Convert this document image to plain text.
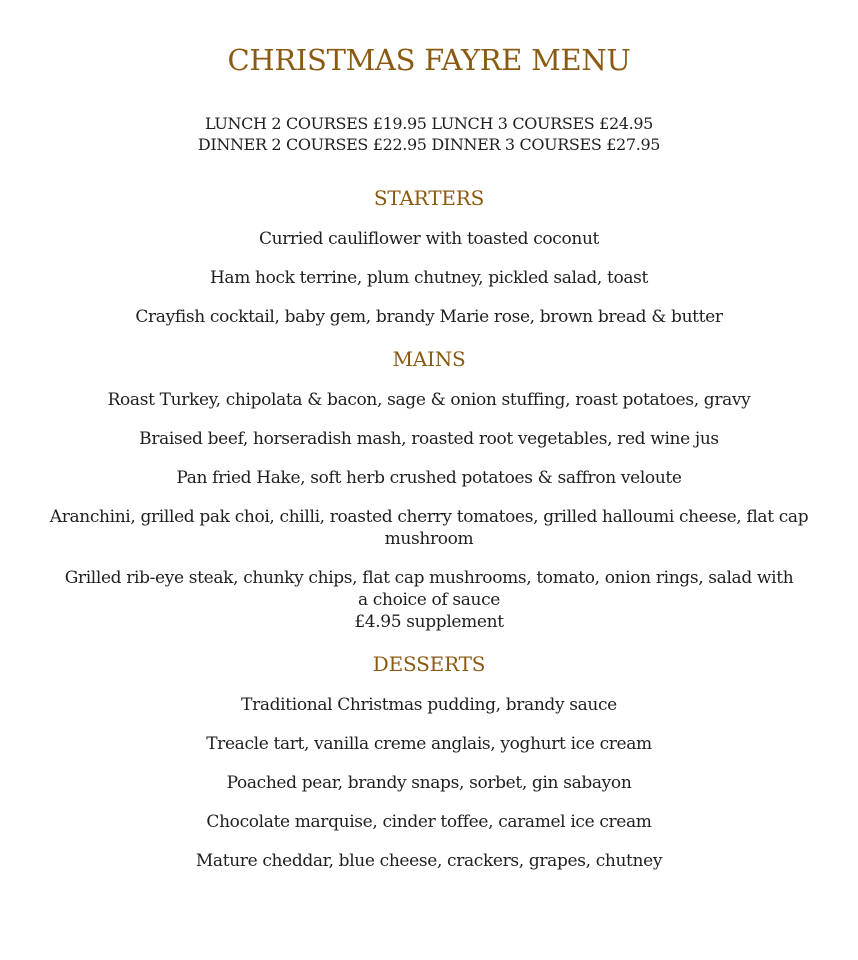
CHRISTMAS FAYRE MENU
LUNCH 2 COURSES £19.95 LUNCH 3 COURSES £24.95
DINNER 2 COURSES £22.95 DINNER 3 COURSES £27.95
STARTERS
Curried cauliflower with toasted coconut
Ham hock terrine, plum chutney, pickled salad, toast
Crayfish cocktail, baby gem, brandy Marie rose, brown bread & butter
MAINS
Roast Turkey, chipolata & bacon, sage & onion stuffing, roast potatoes, gravy
Braised beef, horseradish mash, roasted root vegetables, red wine jus
Pan fried Hake, soft herb crushed potatoes & saffron veloute
Aranchini, grilled pak choi, chilli, roasted cherry tomatoes, grilled halloumi cheese, flat cap mushroom
Grilled rib-eye steak, chunky chips, flat cap mushrooms, tomato, onion rings, salad with a choice of sauce
£4.95 supplement
DESSERTS
Traditional Christmas pudding, brandy sauce
Treacle tart, vanilla creme anglais, yoghurt ice cream
Poached pear, brandy snaps, sorbet, gin sabayon
Chocolate marquise, cinder toffee, caramel ice cream
Mature cheddar, blue cheese, crackers, grapes, chutney
